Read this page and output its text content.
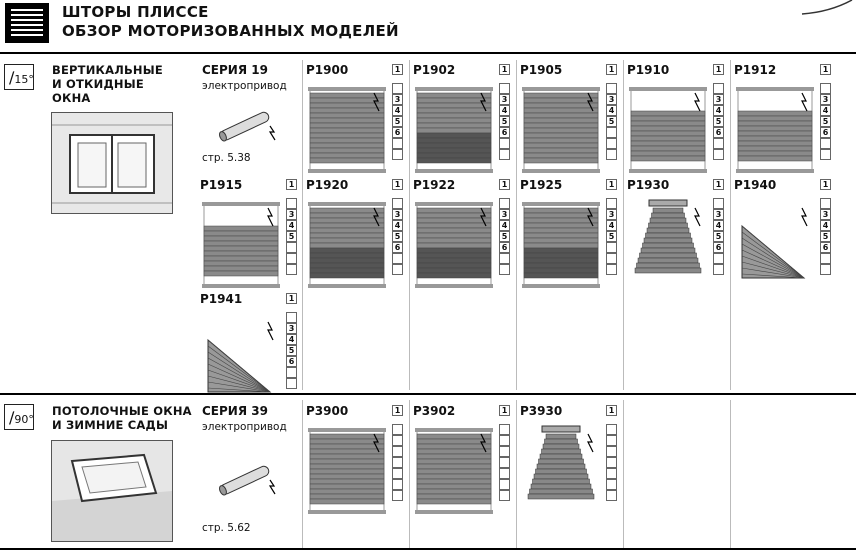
ШТОРЫ ПЛИССЕ
ОБЗОР МОТОРИЗОВАННЫХ МОДЕЛЕЙ
∕15°
ВЕРТИКАЛЬНЫЕ
И ОТКИДНЫЕ
ОКНА
СЕРИЯ 19
электропривод
стр. 5.38
P1900	1
3
4
5
6
P1902	1
3
4
5
6
P1905	1
3
4
5
P1910	1
3
4
5
6
P1912	1
3
4
5
6
P1915	1
3
4
5
P1920	1
3
4
5
6
P1922	1
3
4
5
6
P1925	1
3
4
5
P1930	1
3
4
5
6
P1940	1
3
4
5
6
P1941	1
3
4
5
6
∕90°
ПОТОЛОЧНЫЕ ОКНА
И ЗИМНИЕ САДЫ
СЕРИЯ 39
электропривод
стр. 5.62
P3900	1 P3902	1 P3930	1
